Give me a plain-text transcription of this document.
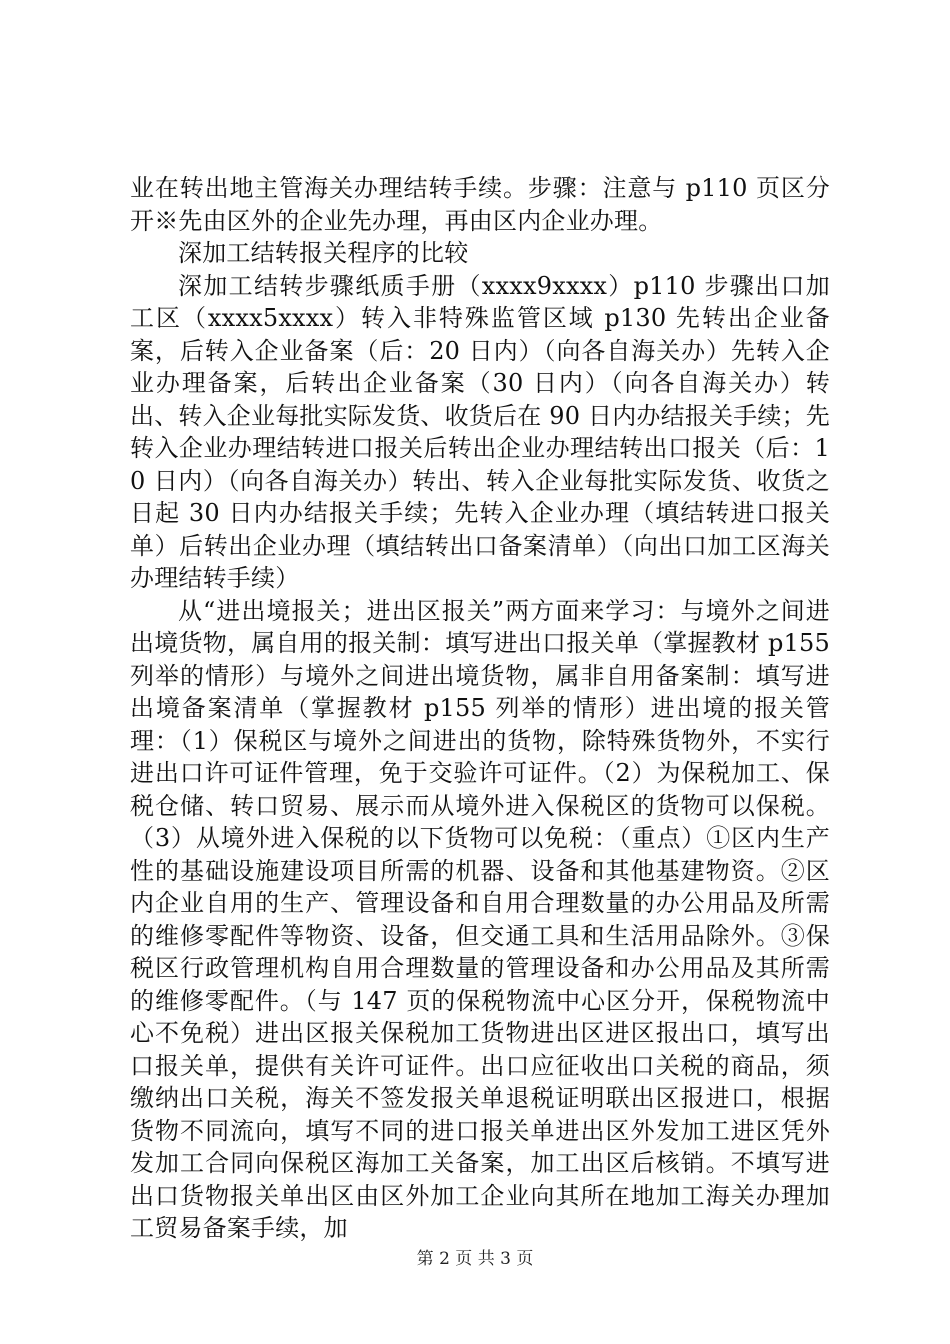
业在转出地主管海关办理结转手续。步骤：注意与 p110 页区分开※先由区外的企业先办理，再由区内企业办理。

深加工结转报关程序的比较

深加工结转步骤纸质手册（xxxx9xxxx）p110 步骤出口加工区（xxxx5xxxx）转入非特殊监管区域 p130 先转出企业备案，后转入企业备案（后：20 日内）（向各自海关办）先转入企业办理备案，后转出企业备案（30 日内）（向各自海关办）转出、转入企业每批实际发货、收货后在 90 日内办结报关手续；先转入企业办理结转进口报关后转出企业办理结转出口报关（后：10 日内）（向各自海关办）转出、转入企业每批实际发货、收货之日起 30 日内办结报关手续；先转入企业办理（填结转进口报关单）后转出企业办理（填结转出口备案清单）（向出口加工区海关办理结转手续）

从“进出境报关；进出区报关”两方面来学习：与境外之间进出境货物，属自用的报关制：填写进出口报关单（掌握教材 p155 列举的情形）与境外之间进出境货物，属非自用备案制：填写进出境备案清单（掌握教材 p155 列举的情形）进出境的报关管理：（1）保税区与境外之间进出的货物，除特殊货物外，不实行进出口许可证件管理，免于交验许可证件。（2）为保税加工、保税仓储、转口贸易、展示而从境外进入保税区的货物可以保税。（3）从境外进入保税的以下货物可以免税：（重点）①区内生产性的基础设施建设项目所需的机器、设备和其他基建物资。②区内企业自用的生产、管理设备和自用合理数量的办公用品及所需的维修零配件等物资、设备，但交通工具和生活用品除外。③保税区行政管理机构自用合理数量的管理设备和办公用品及其所需的维修零配件。（与 147 页的保税物流中心区分开，保税物流中心不免税）进出区报关保税加工货物进出区进区报出口，填写出口报关单，提供有关许可证件。出口应征收出口关税的商品，须缴纳出口关税，海关不签发报关单退税证明联出区报进口，根据货物不同流向，填写不同的进口报关单进出区外发加工进区凭外发加工合同向保税区海加工关备案，加工出区后核销。不填写进出口货物报关单出区由区外加工企业向其所在地加工海关办理加工贸易备案手续，加

第 2 页 共 3 页
